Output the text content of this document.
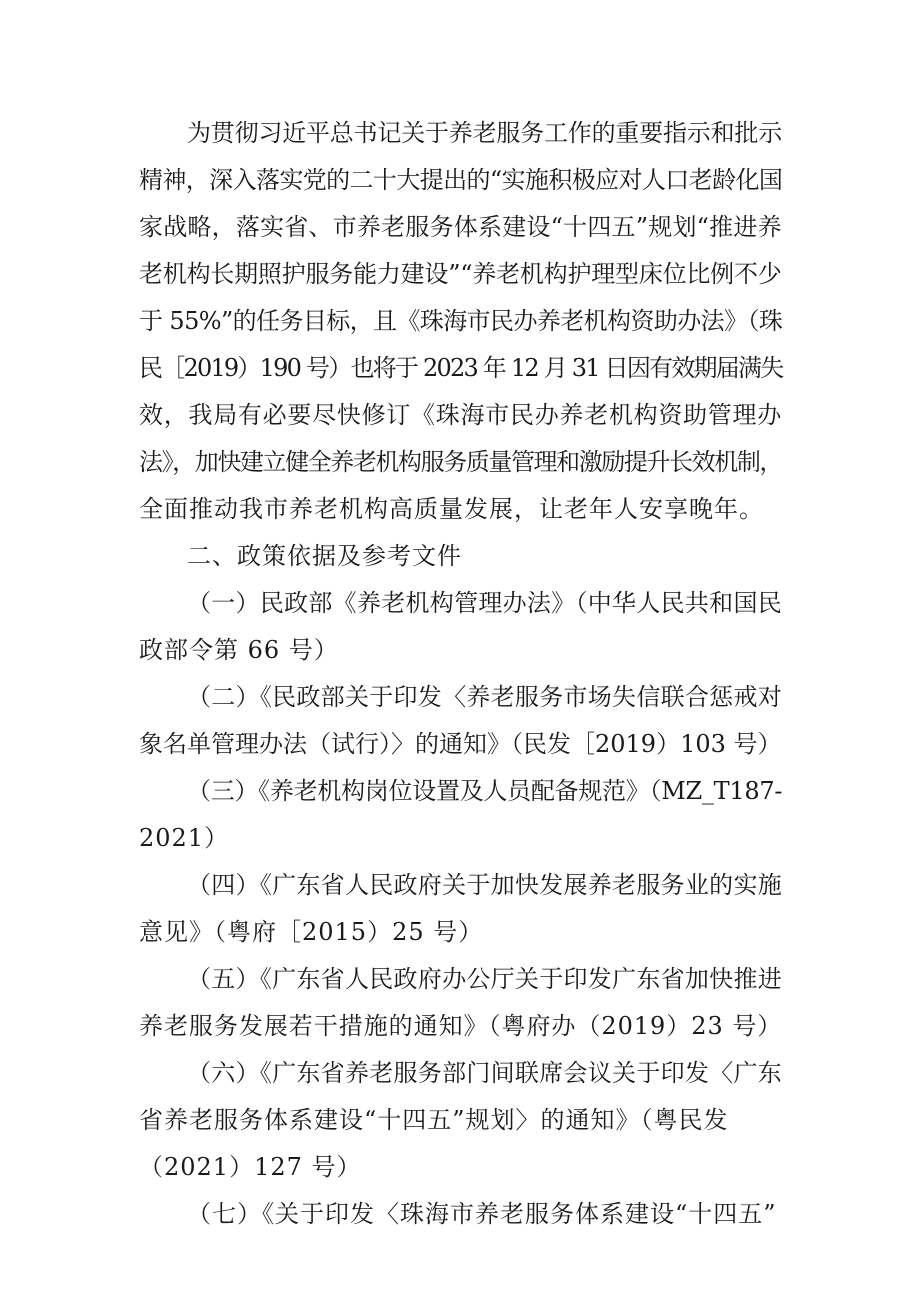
为贯彻习近平总书记关于养老服务工作的重要指示和批示
精神，深入落实党的二十大提出的“实施积极应对人口老龄化国
家战略，落实省、市养老服务体系建设“十四五”规划“推进养
老机构长期照护服务能力建设”“养老机构护理型床位比例不少
于 55%”的任务目标，且《珠海市民办养老机构资助办法》（珠
民［2019）190 号）也将于 2023 年 12 月 31 日因有效期届满失
效，我局有必要尽快修订《珠海市民办养老机构资助管理办
法》，加快建立健全养老机构服务质量管理和激励提升长效机制，
全面推动我市养老机构高质量发展，让老年人安享晚年。
二、政策依据及参考文件
（一）民政部《养老机构管理办法》（中华人民共和国民
政部令第 66 号）
（二）《民政部关于印发〈养老服务市场失信联合惩戒对
象名单管理办法（试行）〉的通知》（民发［2019）103 号）
（三）《养老机构岗位设置及人员配备规范》（MZ_T187-
2021）
（四）《广东省人民政府关于加快发展养老服务业的实施
意见》（粤府［2015）25 号）
（五）《广东省人民政府办公厅关于印发广东省加快推进
养老服务发展若干措施的通知》（粤府办（2019）23 号）
（六）《广东省养老服务部门间联席会议关于印发〈广东
省养老服务体系建设“十四五”规划〉的通知》（粤民发
（2021）127 号）
（七）《关于印发〈珠海市养老服务体系建设“十四五”
